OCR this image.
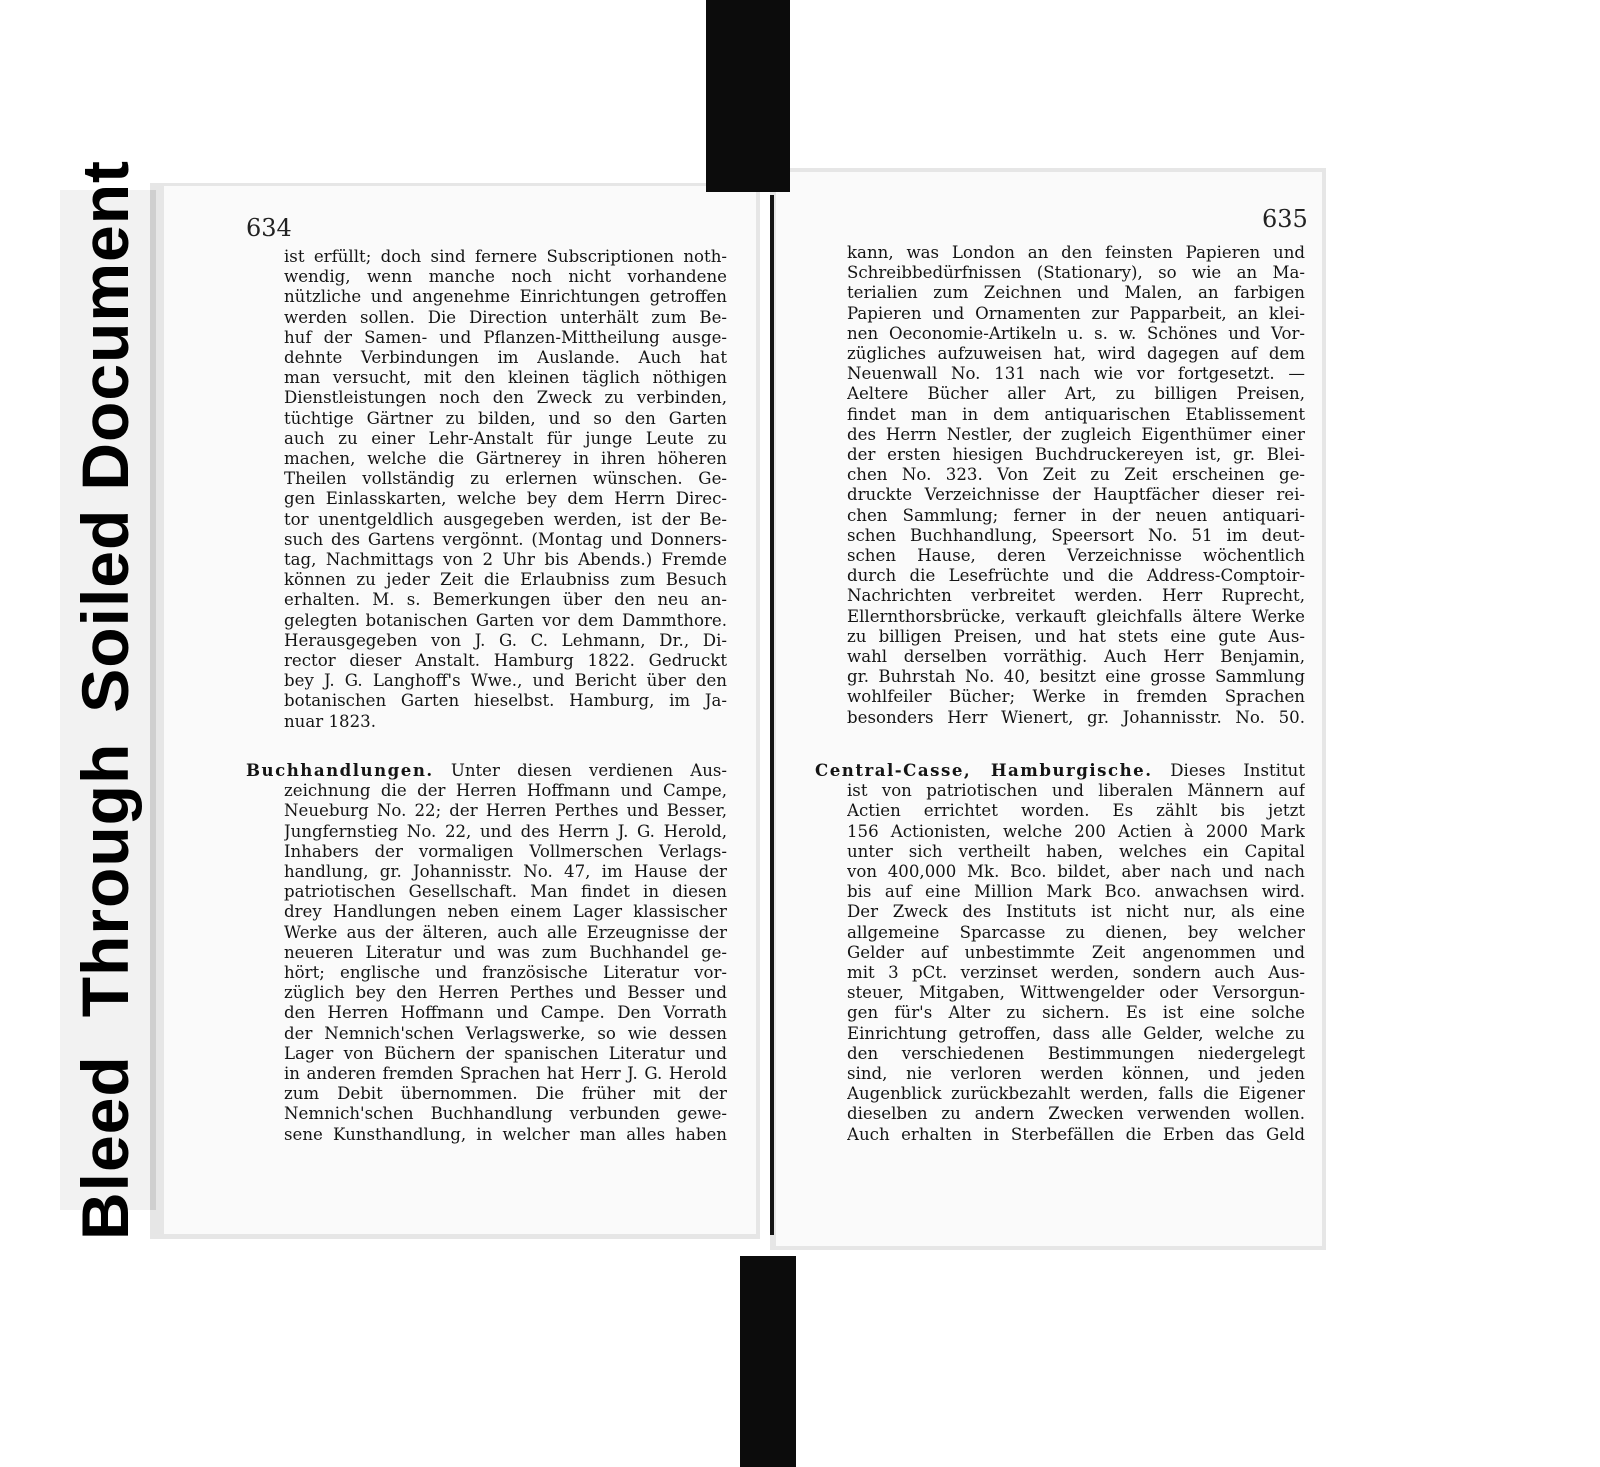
BleedThroughSoiledDocument	634	635
ist erfüllt; doch sind fernere Subscriptionen noth-
wendig, wenn manche noch nicht vorhandene
nützliche und angenehme Einrichtungen getroffen
werden sollen. Die Direction unterhält zum Be-
huf der Samen- und Pflanzen-Mittheilung ausge-
dehnte Verbindungen im Auslande. Auch hat
man versucht, mit den kleinen täglich nöthigen
Dienstleistungen noch den Zweck zu verbinden,
tüchtige Gärtner zu bilden, und so den Garten
auch zu einer Lehr-Anstalt für junge Leute zu
machen, welche die Gärtnerey in ihren höheren
Theilen vollständig zu erlernen wünschen. Ge-
gen Einlasskarten, welche bey dem Herrn Direc-
tor unentgeldlich ausgegeben werden, ist der Be-
such des Gartens vergönnt. (Montag und Donners-
tag, Nachmittags von 2 Uhr bis Abends.) Fremde
können zu jeder Zeit die Erlaubniss zum Besuch
erhalten. M. s. Bemerkungen über den neu an-
gelegten botanischen Garten vor dem Dammthore.
Herausgegeben von J. G. C. Lehmann, Dr., Di-
rector dieser Anstalt. Hamburg 1822. Gedruckt
bey J. G. Langhoff's Wwe., und Bericht über den
botanischen Garten hieselbst. Hamburg, im Ja-
nuar 1823.
Buchhandlungen. Unter diesen verdienen Aus-
zeichnung die der Herren Hoffmann und Campe,
Neueburg No. 22; der Herren Perthes und Besser,
Jungfernstieg No. 22, und des Herrn J. G. Herold,
Inhabers der vormaligen Vollmerschen Verlags-
handlung, gr. Johannisstr. No. 47, im Hause der
patriotischen Gesellschaft. Man findet in diesen
drey Handlungen neben einem Lager klassischer
Werke aus der älteren, auch alle Erzeugnisse der
neueren Literatur und was zum Buchhandel ge-
hört; englische und französische Literatur vor-
züglich bey den Herren Perthes und Besser und
den Herren Hoffmann und Campe. Den Vorrath
der Nemnich'schen Verlagswerke, so wie dessen
Lager von Büchern der spanischen Literatur und
in anderen fremden Sprachen hat Herr J. G. Herold
zum Debit übernommen. Die früher mit der
Nemnich'schen Buchhandlung verbunden gewe-
sene Kunsthandlung, in welcher man alles haben
kann, was London an den feinsten Papieren und
Schreibbedürfnissen (Stationary), so wie an Ma-
terialien zum Zeichnen und Malen, an farbigen
Papieren und Ornamenten zur Papparbeit, an klei-
nen Oeconomie-Artikeln u. s. w. Schönes und Vor-
zügliches aufzuweisen hat, wird dagegen auf dem
Neuenwall No. 131 nach wie vor fortgesetzt. —
Aeltere Bücher aller Art, zu billigen Preisen,
findet man in dem antiquarischen Etablissement
des Herrn Nestler, der zugleich Eigenthümer einer
der ersten hiesigen Buchdruckereyen ist, gr. Blei-
chen No. 323. Von Zeit zu Zeit erscheinen ge-
druckte Verzeichnisse der Hauptfächer dieser rei-
chen Sammlung; ferner in der neuen antiquari-
schen Buchhandlung, Speersort No. 51 im deut-
schen Hause, deren Verzeichnisse wöchentlich
durch die Lesefrüchte und die Address-Comptoir-
Nachrichten verbreitet werden. Herr Ruprecht,
Ellernthorsbrücke, verkauft gleichfalls ältere Werke
zu billigen Preisen, und hat stets eine gute Aus-
wahl derselben vorräthig. Auch Herr Benjamin,
gr. Buhrstah No. 40, besitzt eine grosse Sammlung
wohlfeiler Bücher; Werke in fremden Sprachen
besonders Herr Wienert, gr. Johannisstr. No. 50.
Central-Casse, Hamburgische. Dieses Institut
ist von patriotischen und liberalen Männern auf
Actien errichtet worden. Es zählt bis jetzt
156 Actionisten, welche 200 Actien à 2000 Mark
unter sich vertheilt haben, welches ein Capital
von 400,000 Mk. Bco. bildet, aber nach und nach
bis auf eine Million Mark Bco. anwachsen wird.
Der Zweck des Instituts ist nicht nur, als eine
allgemeine Sparcasse zu dienen, bey welcher
Gelder auf unbestimmte Zeit angenommen und
mit 3 pCt. verzinset werden, sondern auch Aus-
steuer, Mitgaben, Wittwengelder oder Versorgun-
gen für's Alter zu sichern. Es ist eine solche
Einrichtung getroffen, dass alle Gelder, welche zu
den verschiedenen Bestimmungen niedergelegt
sind, nie verloren werden können, und jeden
Augenblick zurückbezahlt werden, falls die Eigener
dieselben zu andern Zwecken verwenden wollen.
Auch erhalten in Sterbefällen die Erben das Geld
